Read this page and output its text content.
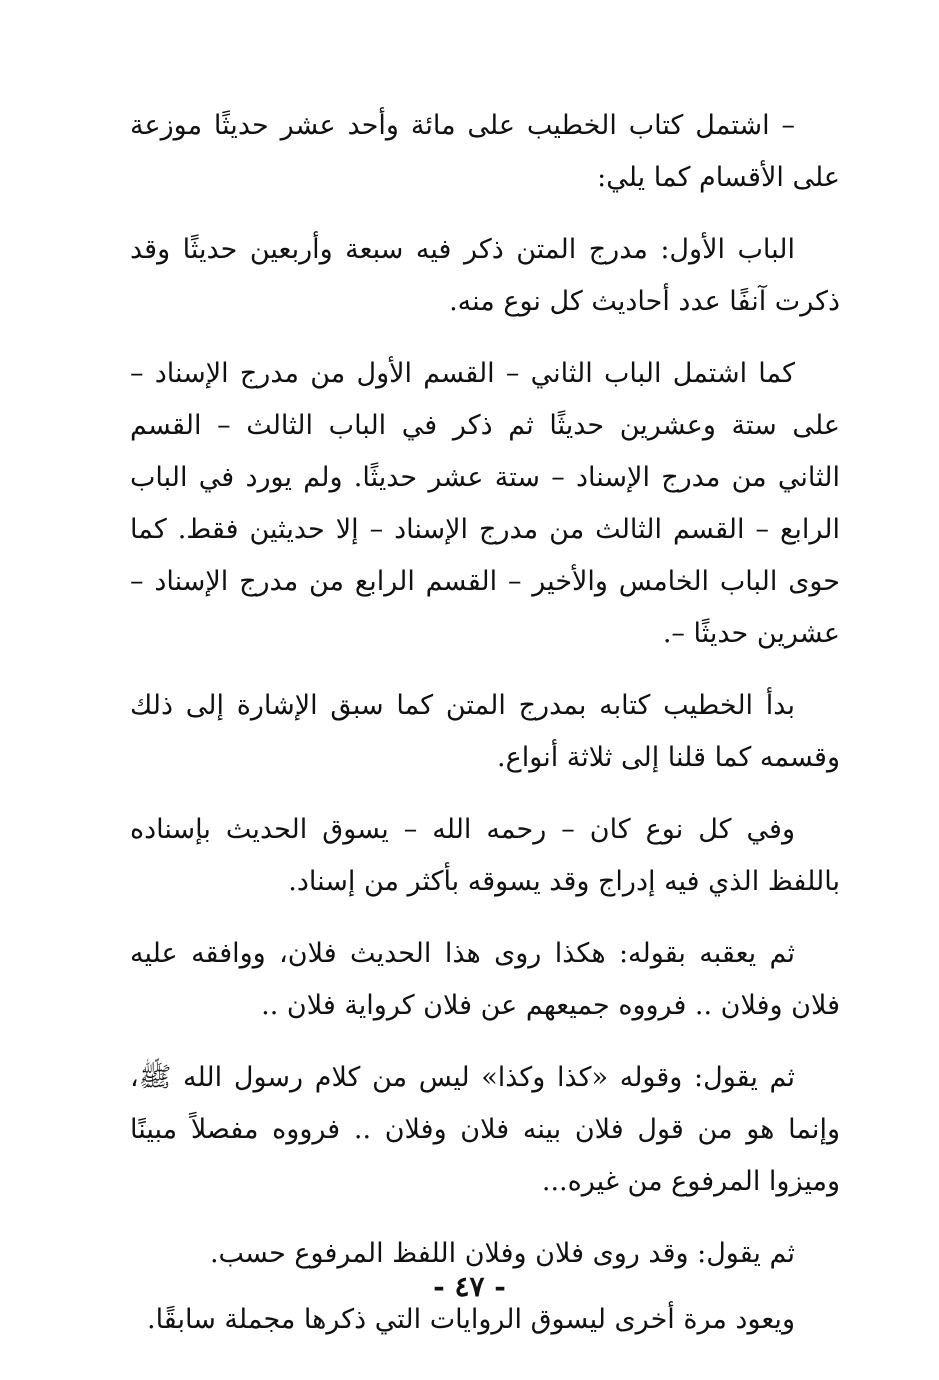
– اشتمل كتاب الخطيب على مائة وأحد عشر حديثًا موزعة على الأقسام كما يلي:

الباب الأول: مدرج المتن ذكر فيه سبعة وأربعين حديثًا وقد ذكرت آنفًا عدد أحاديث كل نوع منه.

كما اشتمل الباب الثاني – القسم الأول من مدرج الإسناد – على ستة وعشرين حديثًا ثم ذكر في الباب الثالث – القسم الثاني من مدرج الإسناد – ستة عشر حديثًا. ولم يورد في الباب الرابع – القسم الثالث من مدرج الإسناد – إلا حديثين فقط. كما حوى الباب الخامس والأخير – القسم الرابع من مدرج الإسناد – عشرين حديثًا –.

بدأ الخطيب كتابه بمدرج المتن كما سبق الإشارة إلى ذلك وقسمه كما قلنا إلى ثلاثة أنواع.

وفي كل نوع كان – رحمه الله – يسوق الحديث بإسناده باللفظ الذي فيه إدراج وقد يسوقه بأكثر من إسناد.

ثم يعقبه بقوله: هكذا روى هذا الحديث فلان، ووافقه عليه فلان وفلان .. فرووه جميعهم عن فلان كرواية فلان ..

ثم يقول: وقوله «كذا وكذا» ليس من كلام رسول الله ﷺ، وإنما هو من قول فلان بينه فلان وفلان .. فرووه مفصلاً مبينًا وميزوا المرفوع من غيره...

ثم يقول: وقد روى فلان وفلان اللفظ المرفوع حسب.

ويعود مرة أخرى ليسوق الروايات التي ذكرها مجملة سابقًا.

- ٤٧ -
